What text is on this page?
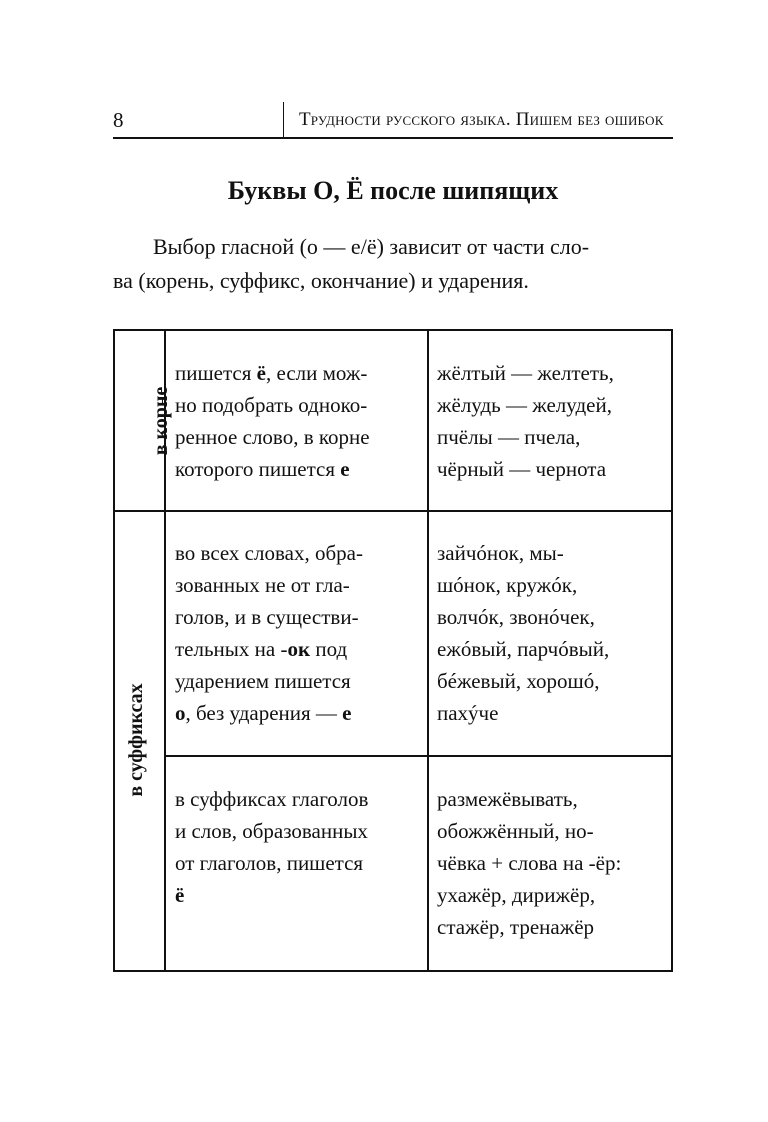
8	Трудности русского языка. Пишем без ошибок
Буквы О, Ё после шипящих
Выбор гласной (о — е/ё) зависит от части сло-
ва (корень, суффикс, окончание) и ударения.
в корне
в суффиксах
пишется ё, если мож-
но подобрать однoко-
ренное слово, в корне
которого пишется е
во всех словах, обра-
зованных не от гла-
голов, и в существи-
тельных на -ок под
ударением пишется
о, без ударения — е
в суффиксах глаголов
и слов, образованных
от глаголов, пишется
ё
жёлтый — желтеть,
жёлудь — желудей,
пчёлы — пчела,
чёрный — чернота
зайчóнок, мы-
шóнок, кружóк,
волчóк, звонóчек,
ежóвый, парчóвый,
бéжевый, хорошó,
пахýче
размежёвывать,
обожжённый, но-
чёвка + слова на -ёр:
ухажёр, дирижёр,
стажёр, тренажёр
